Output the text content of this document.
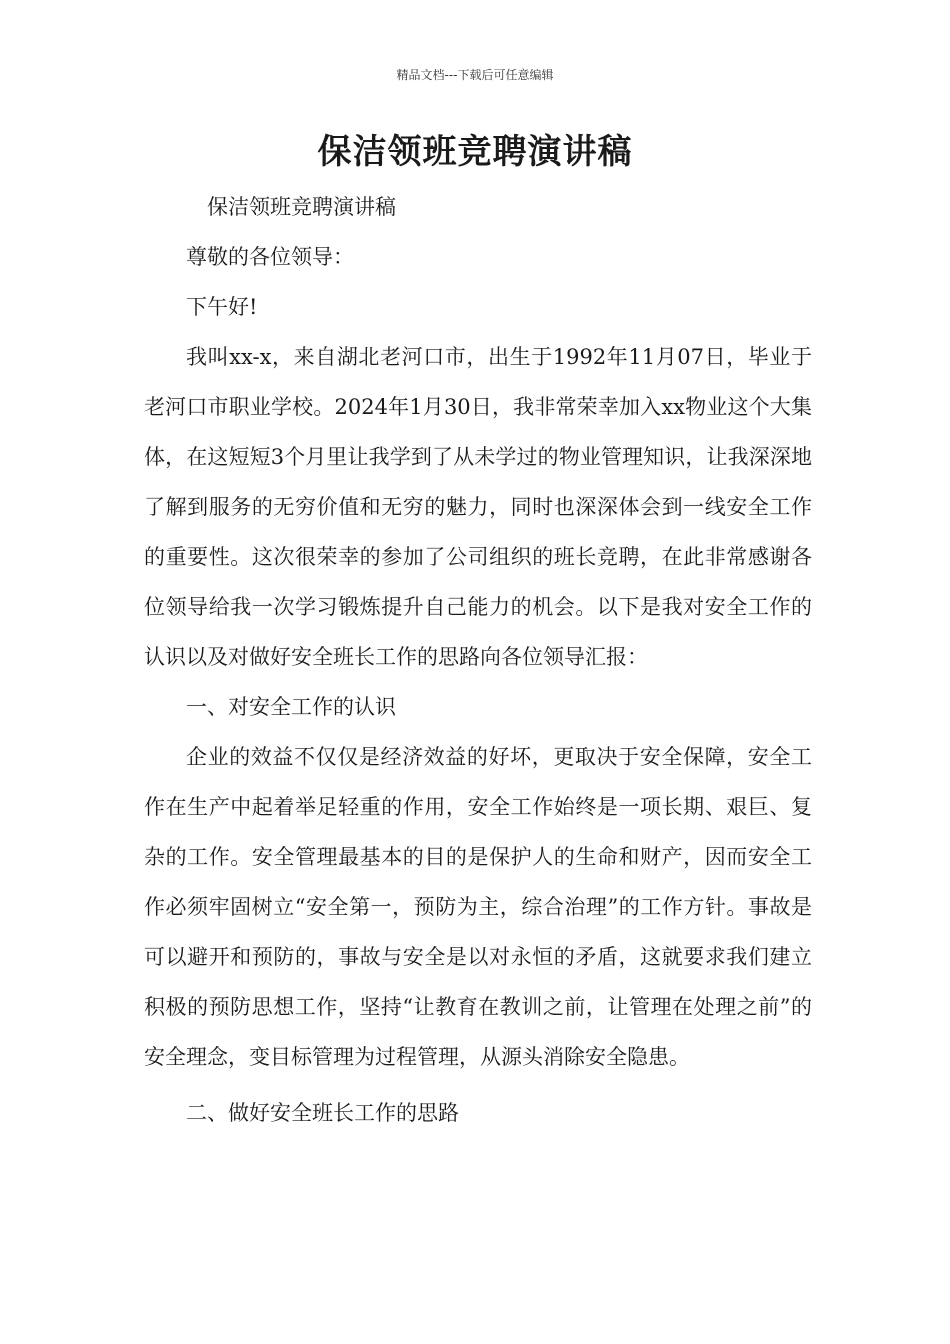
精品文档---下载后可任意编辑
保洁领班竞聘演讲稿

保洁领班竞聘演讲稿

尊敬的各位领导：

下午好!

我叫xx-x，来自湖北老河口市，出生于1992年11月07日，毕业于老河口市职业学校。2024年1月30日，我非常荣幸加入xx物业这个大集体，在这短短3个月里让我学到了从未学过的物业管理知识，让我深深地了解到服务的无穷价值和无穷的魅力，同时也深深体会到一线安全工作的重要性。这次很荣幸的参加了公司组织的班长竞聘，在此非常感谢各位领导给我一次学习锻炼提升自己能力的机会。以下是我对安全工作的认识以及对做好安全班长工作的思路向各位领导汇报：

一、对安全工作的认识

企业的效益不仅仅是经济效益的好坏，更取决于安全保障，安全工作在生产中起着举足轻重的作用，安全工作始终是一项长期、艰巨、复杂的工作。安全管理最基本的目的是保护人的生命和财产，因而安全工作必须牢固树立“安全第一，预防为主，综合治理”的工作方针。事故是可以避开和预防的，事故与安全是以对永恒的矛盾，这就要求我们建立积极的预防思想工作，坚持“让教育在教训之前，让管理在处理之前”的安全理念，变目标管理为过程管理，从源头消除安全隐患。

二、做好安全班长工作的思路
